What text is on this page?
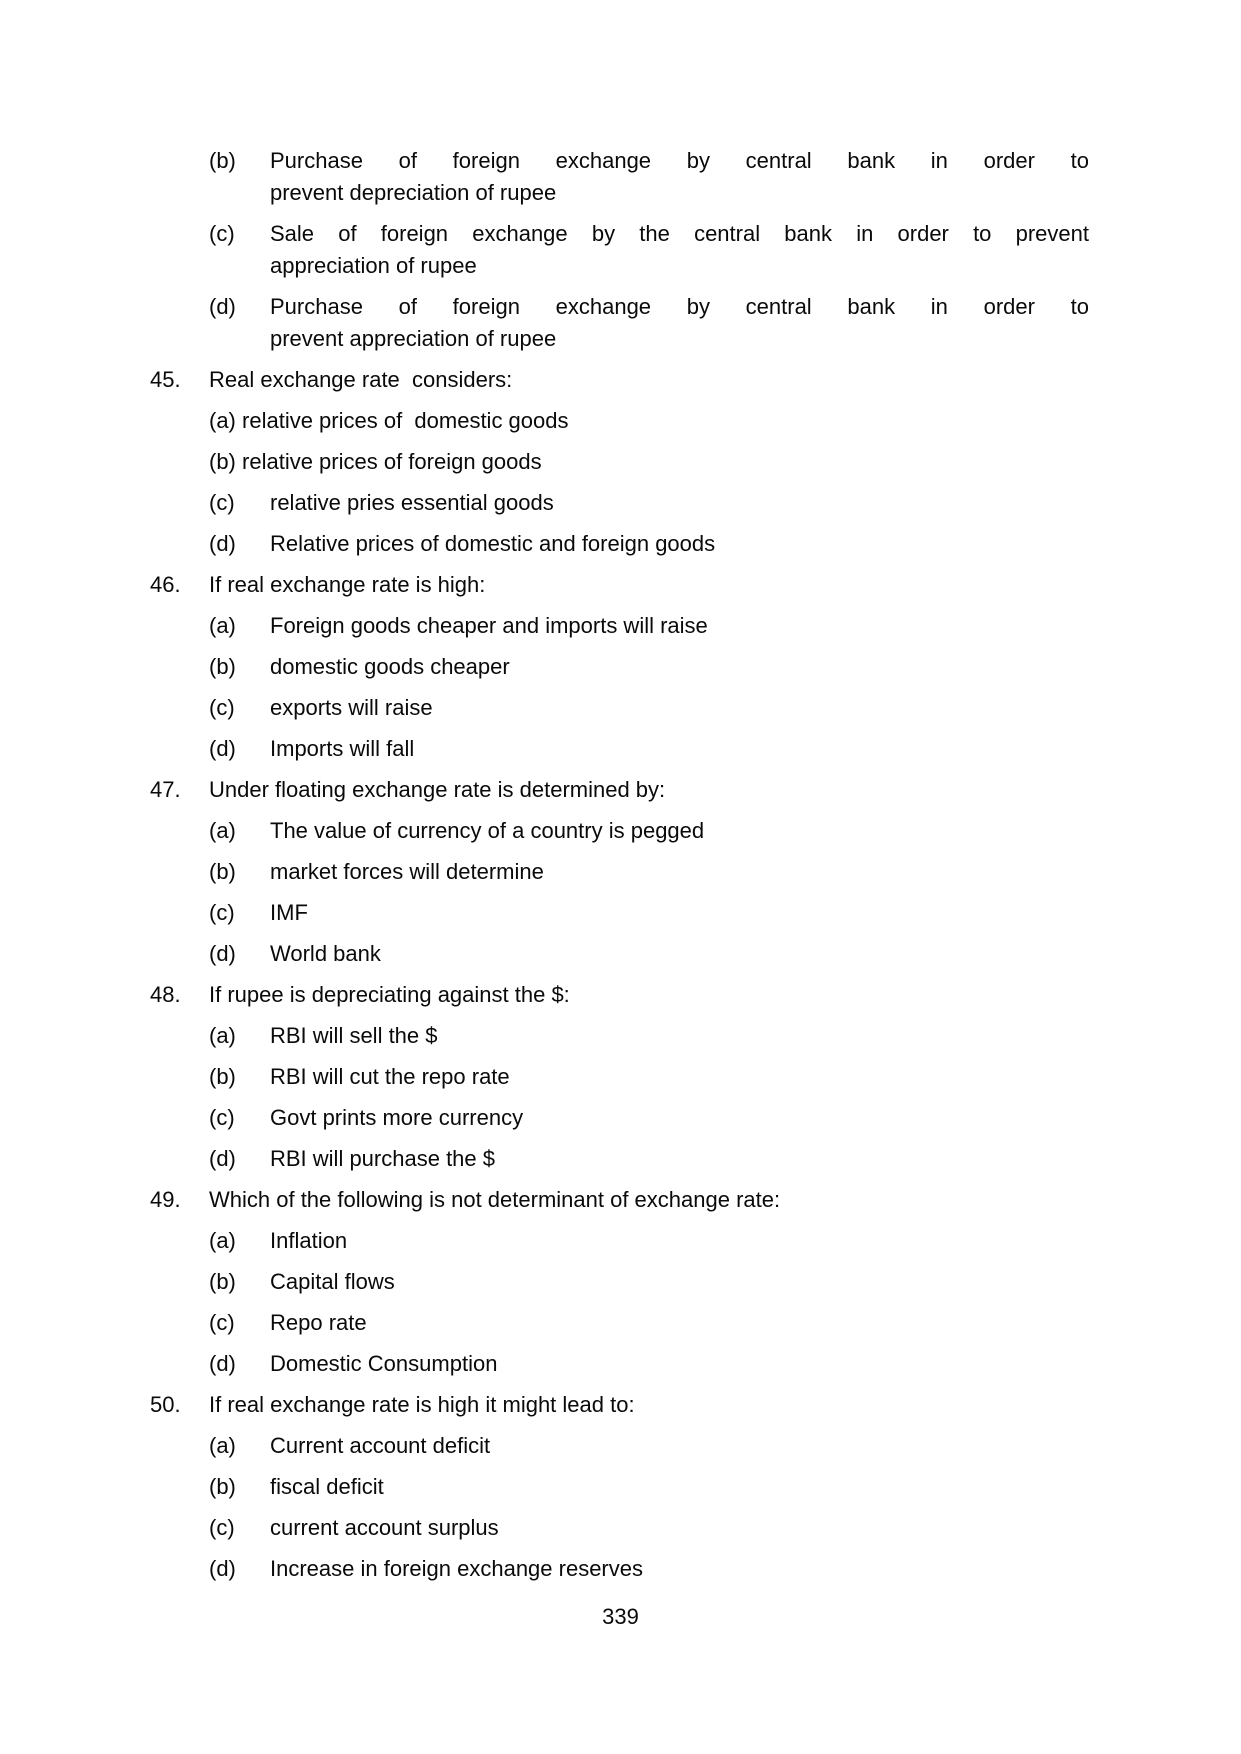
(b)	Purchase of foreign exchange by central bank in order to
prevent depreciation of rupee
(c)	Sale of foreign exchange by the central bank in order to prevent
appreciation of rupee
(d)	Purchase of foreign exchange by central bank in order to
prevent appreciation of rupee
45.	Real exchange rate  considers:
(a) relative prices of  domestic goods
(b) relative prices of foreign goods
(c)	relative pries essential goods
(d)	Relative prices of domestic and foreign goods
46.	If real exchange rate is high:
(a)	Foreign goods cheaper and imports will raise
(b)	domestic goods cheaper
(c)	exports will raise
(d)	Imports will fall
47.	Under floating exchange rate is determined by:
(a)	The value of currency of a country is pegged
(b)	market forces will determine
(c)	IMF
(d)	World bank
48.	If rupee is depreciating against the $:
(a)	RBI will sell the $
(b)	RBI will cut the repo rate
(c)	Govt prints more currency
(d)	RBI will purchase the $
49.	Which of the following is not determinant of exchange rate:
(a)	Inflation
(b)	Capital flows
(c)	Repo rate
(d)	Domestic Consumption
50.	If real exchange rate is high it might lead to:
(a)	Current account deficit
(b)	fiscal deficit
(c)	current account surplus
(d)	Increase in foreign exchange reserves
339
